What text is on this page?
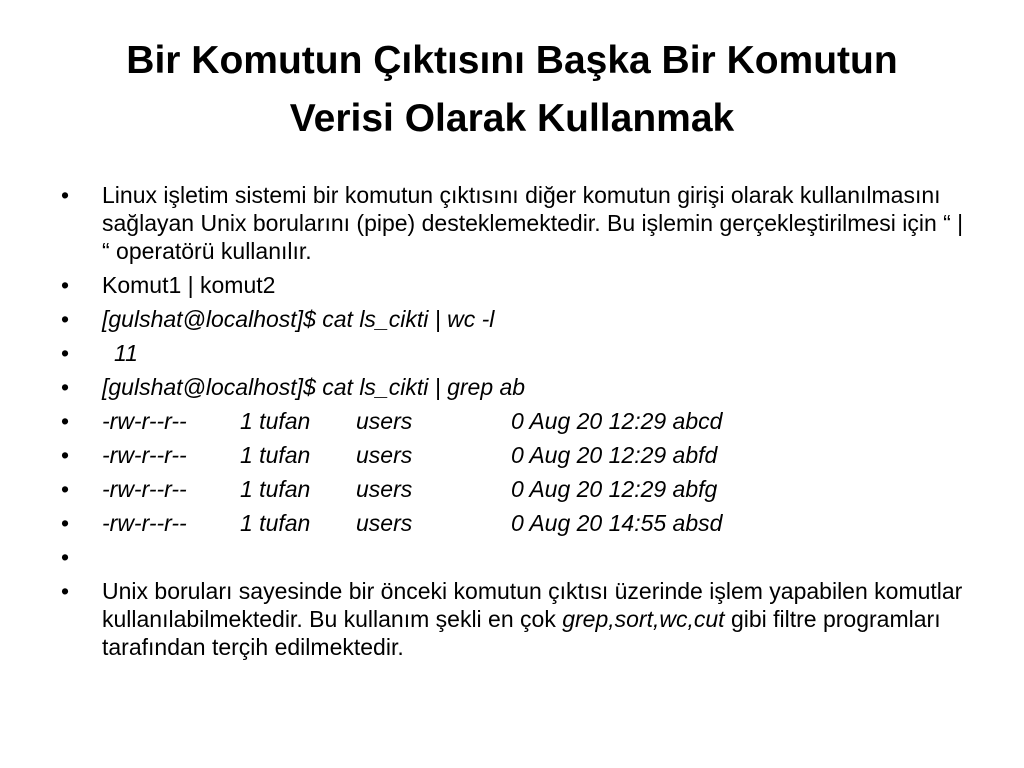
Bir Komutun Çıktısını Başka Bir Komutun
Verisi Olarak Kullanmak
• Linux işletim sistemi bir komutun çıktısını diğer komutun girişi olarak kullanılmasını sağlayan Unix borularını (pipe) desteklemektedir. Bu işlemin gerçekleştirilmesi için “ | “ operatörü kullanılır.
• Komut1 | komut2
• [gulshat@localhost]$ cat ls_cikti | wc -l
• 11
• [gulshat@localhost]$ cat ls_cikti | grep ab
• -rw-r--r-- 1 tufan users	0 Aug 20 12:29 abcd
• -rw-r--r-- 1 tufan users	0 Aug 20 12:29 abfd
• -rw-r--r-- 1 tufan users	0 Aug 20 12:29 abfg
• -rw-r--r-- 1 tufan users	0 Aug 20 14:55 absd
•
• Unix boruları sayesinde bir önceki komutun çıktısı üzerinde işlem yapabilen komutlar kullanılabilmektedir. Bu kullanım şekli en çok grep,sort,wc,cut gibi filtre programları tarafından terçih edilmektedir.
